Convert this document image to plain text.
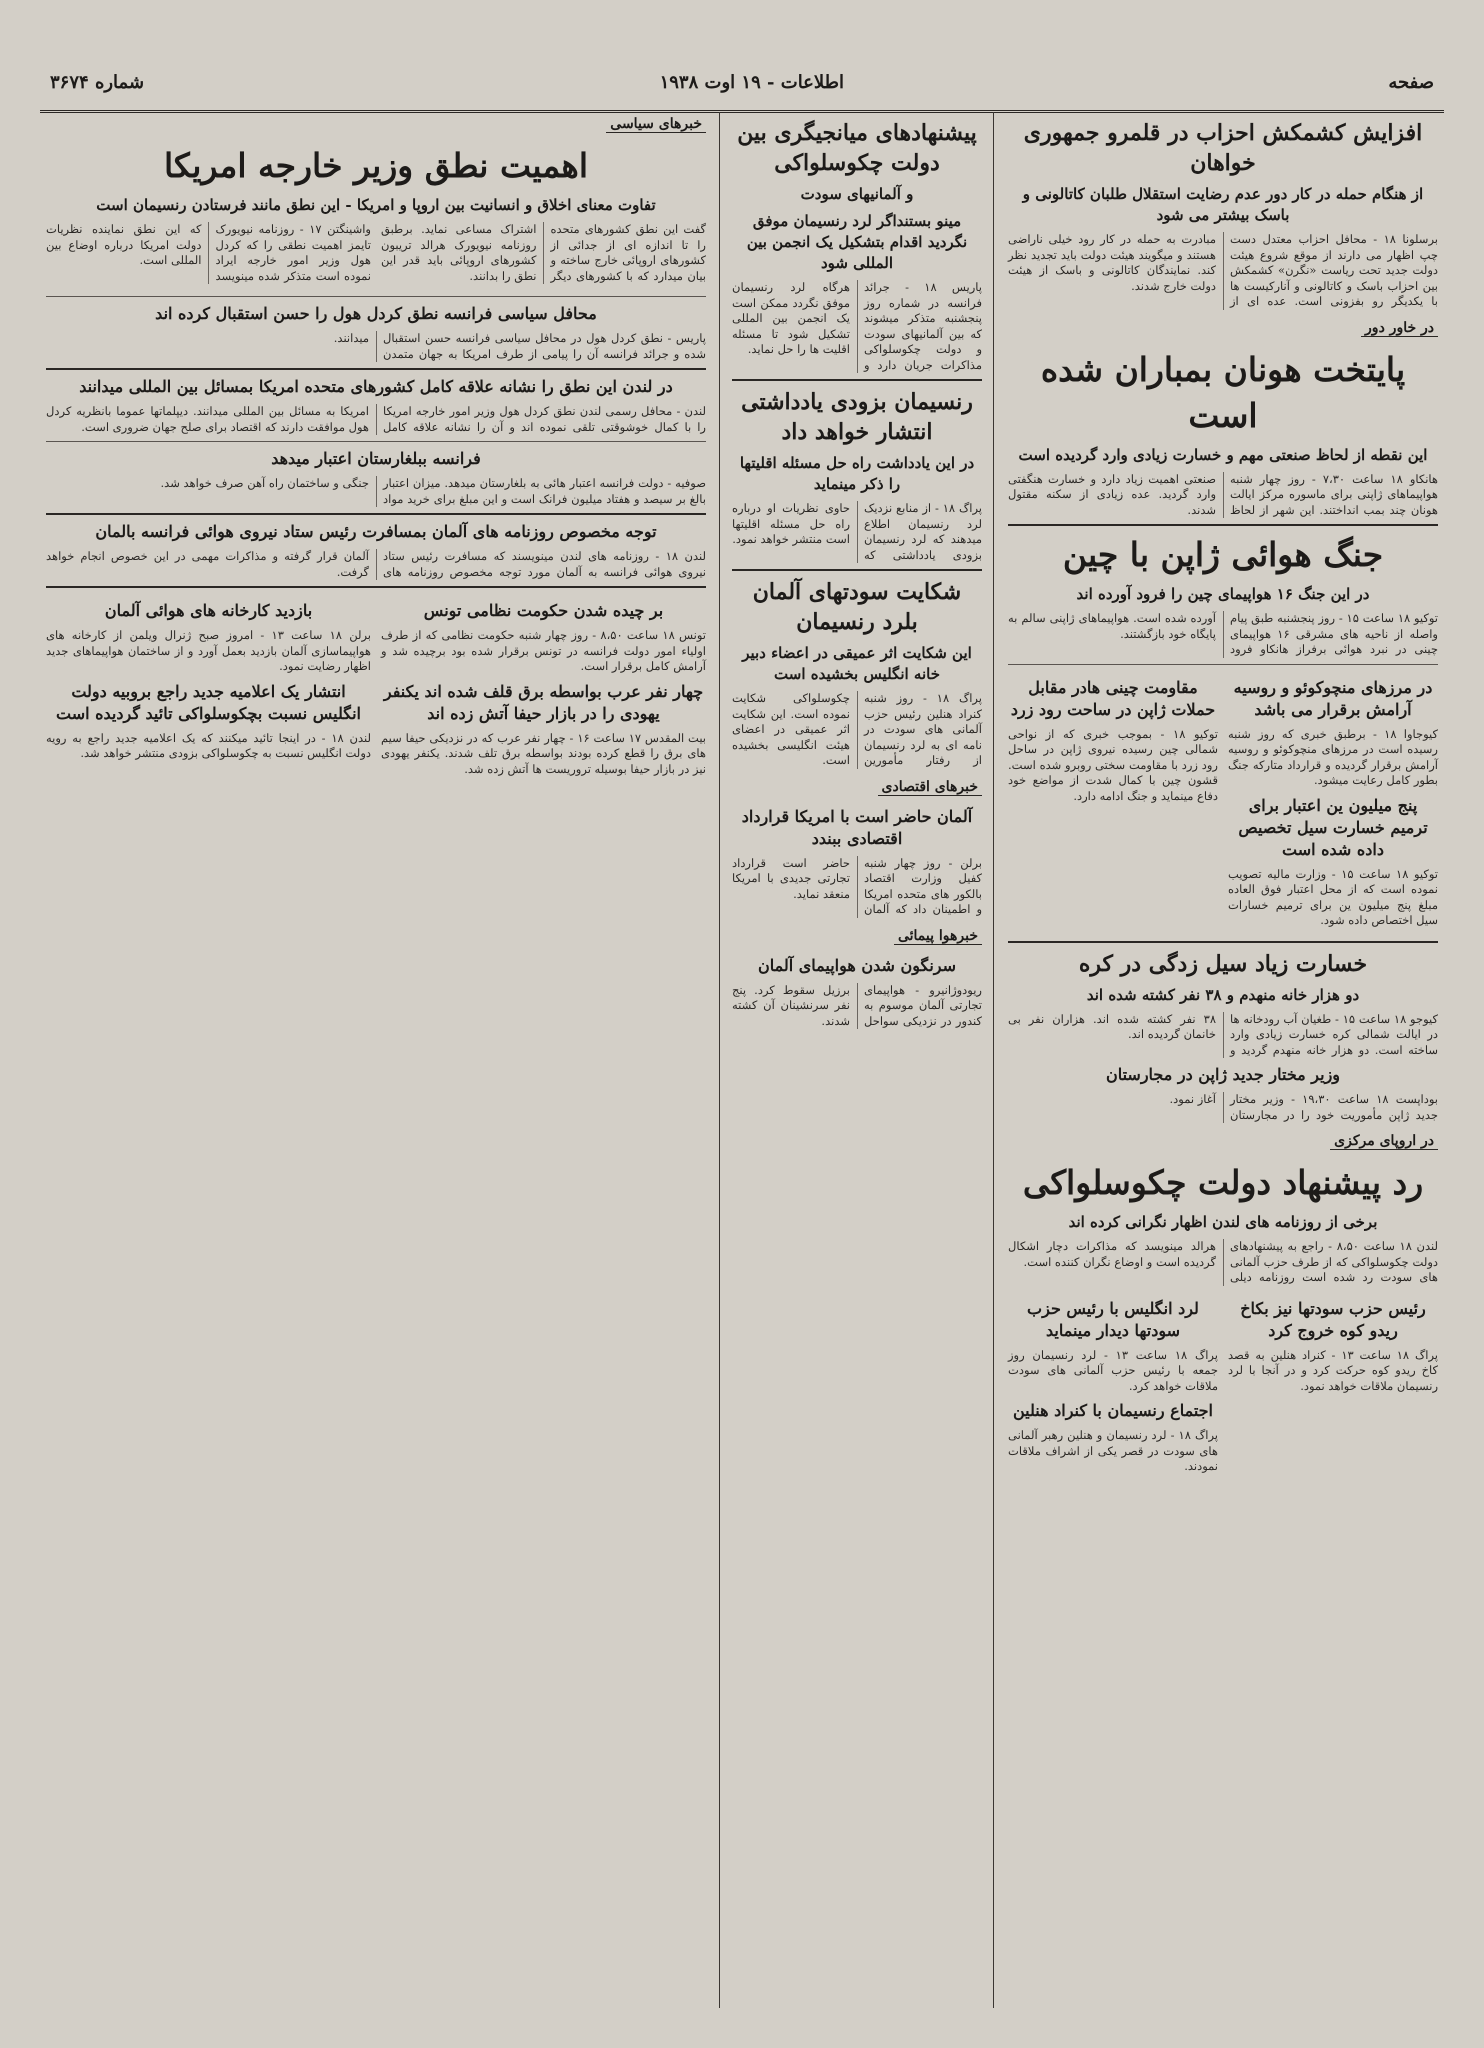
صفحه
اطلاعات - ۱۹ اوت ۱۹۳۸
شماره ۳۶۷۴
افزایش کشمکش احزاب در قلمرو جمهوری خواهان
از هنگام حمله در کار دور عدم رضایت استقلال طلبان کاتالونی و باسک بیشتر می شود
برسلونا ۱۸ - محافل احزاب معتدل دست چپ اظهار می دارند از موقع شروع هیئت دولت جدید تحت ریاست «نگرن» کشمکش بین احزاب باسک و کاتالونی و آنارکیست ها با یکدیگر رو بفزونی است. عده ای از مبادرت به حمله در کار رود خیلی ناراضی هستند و میگویند هیئت دولت باید تجدید نظر کند. نمایندگان کاتالونی و باسک از هیئت دولت خارج شدند.
در خاور دور
پایتخت هونان بمباران شده است
این نقطه از لحاظ صنعتی مهم و خسارت زیادی وارد گردیده است
هانکاو ۱۸ ساعت ۷،۳۰ - روز چهار شنبه هواپیماهای ژاپنی برای ماسوره مرکز ایالت هونان چند بمب انداختند. این شهر از لحاظ صنعتی اهمیت زیاد دارد و خسارت هنگفتی وارد گردید. عده زیادی از سکنه مقتول شدند.
جنگ هوائی ژاپن با چین
در این جنگ ۱۶ هواپیمای چین را فرود آورده اند
توکیو ۱۸ ساعت ۱۵ - روز پنجشنبه طبق پیام واصله از ناحیه های مشرقی ۱۶ هواپیمای چینی در نبرد هوائی برفراز هانکاو فرود آورده شده است. هواپیماهای ژاپنی سالم به پایگاه خود بازگشتند.
در مرزهای منچوکوئو و روسیه آرامش برقرار می باشد
کیوجاوا ۱۸ - برطبق خبری که روز شنبه رسیده است در مرزهای منچوکوئو و روسیه آرامش برقرار گردیده و قرارداد متارکه جنگ بطور کامل رعایت میشود.
پنج میلیون ین اعتبار برای ترمیم خسارت سیل تخصیص داده شده است
توکیو ۱۸ ساعت ۱۵ - وزارت مالیه تصویب نموده است که از محل اعتبار فوق العاده مبلغ پنج میلیون ین برای ترمیم خسارات سیل اختصاص داده شود.
مقاومت چینی هادر مقابل حملات ژاپن در ساحت رود زرد
توکیو ۱۸ - بموجب خبری که از نواحی شمالی چین رسیده نیروی ژاپن در ساحل رود زرد با مقاومت سختی روبرو شده است. قشون چین با کمال شدت از مواضع خود دفاع مینماید و جنگ ادامه دارد.
خسارت زیاد سیل زدگی در کره
دو هزار خانه منهدم و ۳۸ نفر کشته شده اند
کیوجو ۱۸ ساعت ۱۵ - طغیان آب رودخانه ها در ایالت شمالی کره خسارت زیادی وارد ساخته است. دو هزار خانه منهدم گردید و ۳۸ نفر کشته شده اند. هزاران نفر بی خانمان گردیده اند.
وزیر مختار جدید ژاپن در مجارستان
بوداپست ۱۸ ساعت ۱۹،۳۰ - وزیر مختار جدید ژاپن مأموریت خود را در مجارستان آغاز نمود.
در اروپای مرکزی
رد پیشنهاد دولت چکوسلواکی
برخی از روزنامه های لندن اظهار نگرانی کرده اند
لندن ۱۸ ساعت ۸،۵۰ - راجع به پیشنهادهای دولت چکوسلواکی که از طرف حزب آلمانی های سودت رد شده است روزنامه دیلی هرالد مینویسد که مذاکرات دچار اشکال گردیده است و اوضاع نگران کننده است.
رئیس حزب سودتها نیز بکاخ ریدو کوه خروج کرد
پراگ ۱۸ ساعت ۱۳ - کنراد هنلین به قصد کاخ ریدو کوه حرکت کرد و در آنجا با لرد رنسیمان ملاقات خواهد نمود.
لرد انگلیس با رئیس حزب سودتها دیدار مینماید
پراگ ۱۸ ساعت ۱۳ - لرد رنسیمان روز جمعه با رئیس حزب آلمانی های سودت ملاقات خواهد کرد.
اجتماع رنسیمان با کنراد هنلین
پراگ ۱۸ - لرد رنسیمان و هنلین رهبر آلمانی های سودت در قصر یکی از اشراف ملاقات نمودند.
پیشنهادهای میانجیگری بین دولت چکوسلواکی
و آلمانیهای سودت
مینو بستنداگر لرد رنسیمان موفق نگردید اقدام بتشکیل یک انجمن بین المللی شود
پاریس ۱۸ - جرائد فرانسه در شماره روز پنجشنبه متذکر میشوند که بین آلمانیهای سودت و دولت چکوسلواکی مذاکرات جریان دارد و هرگاه لرد رنسیمان موفق نگردد ممکن است یک انجمن بین المللی تشکیل شود تا مسئله اقلیت ها را حل نماید.
رنسیمان بزودی یادداشتی انتشار خواهد داد
در این یادداشت راه حل مسئله اقلیتها را ذکر مینماید
پراگ ۱۸ - از منابع نزدیک لرد رنسیمان اطلاع میدهند که لرد رنسیمان بزودی یادداشتی که حاوی نظریات او درباره راه حل مسئله اقلیتها است منتشر خواهد نمود.
شکایت سودتهای آلمان بلرد رنسیمان
این شکایت اثر عمیقی در اعضاء دبیر خانه انگلیس بخشیده است
پراگ ۱۸ - روز شنبه کنراد هنلین رئیس حزب آلمانی های سودت در نامه ای به لرد رنسیمان از رفتار مأمورین چکوسلواکی شکایت نموده است. این شکایت اثر عمیقی در اعضای هیئت انگلیسی بخشیده است.
خبرهای اقتصادی
آلمان حاضر است با امریکا قرارداد اقتصادی ببندد
برلن - روز چهار شنبه کفیل وزارت اقتصاد بالکور های متحده امریکا و اطمینان داد که آلمان حاضر است قرارداد تجارتی جدیدی با امریکا منعقد نماید.
خبرهوا پیمائی
سرنگون شدن هواپیمای آلمان
ریودوژانیرو - هواپیمای تجارتی آلمان موسوم به کندور در نزدیکی سواحل برزیل سقوط کرد. پنج نفر سرنشینان آن کشته شدند.
خبرهای سیاسی
اهمیت نطق وزیر خارجه امریکا
تفاوت معنای اخلاق و انسانیت بین اروپا و امریکا - این نطق مانند فرستادن رنسیمان است
گفت این نطق کشورهای متحده را تا اندازه ای از جدائی از کشورهای اروپائی خارج ساخته و بیان میدارد که با کشورهای دیگر اشتراک مساعی نماید. برطبق روزنامه نیویورک هرالد تریبون کشورهای اروپائی باید قدر این نطق را بدانند.
واشینگتن ۱۷ - روزنامه نیویورک تایمز اهمیت نطقی را که کردل هول وزیر امور خارجه ایراد نموده است متذکر شده مینویسد که این نطق نماینده نظریات دولت امریکا درباره اوضاع بین المللی است.
محافل سیاسی فرانسه نطق کردل هول را حسن استقبال کرده اند
پاریس - نطق کردل هول در محافل سیاسی فرانسه حسن استقبال شده و جرائد فرانسه آن را پیامی از طرف امریکا به جهان متمدن میدانند.
در لندن این نطق را نشانه علاقه کامل کشورهای متحده امریکا بمسائل بین المللی میدانند
لندن - محافل رسمی لندن نطق کردل هول وزیر امور خارجه امریکا را با کمال خوشوقتی تلقی نموده اند و آن را نشانه علاقه کامل امریکا به مسائل بین المللی میدانند. دیپلماتها عموما بانظریه کردل هول موافقت دارند که اقتصاد برای صلح جهان ضروری است.
فرانسه ببلغارستان اعتبار میدهد
صوفیه - دولت فرانسه اعتبار هائی به بلغارستان میدهد. میزان اعتبار بالغ بر سیصد و هفتاد میلیون فرانک است و این مبلغ برای خرید مواد جنگی و ساختمان راه آهن صرف خواهد شد.
توجه مخصوص روزنامه های آلمان بمسافرت رئیس ستاد نیروی هوائی فرانسه بالمان
لندن ۱۸ - روزنامه های لندن مینویسند که مسافرت رئیس ستاد نیروی هوائی فرانسه به آلمان مورد توجه مخصوص روزنامه های آلمان قرار گرفته و مذاکرات مهمی در این خصوص انجام خواهد گرفت.
بر چیده شدن حکومت نظامی تونس
تونس ۱۸ ساعت ۸،۵۰ - روز چهار شنبه حکومت نظامی که از طرف اولیاء امور دولت فرانسه در تونس برقرار شده بود برچیده شد و آرامش کامل برقرار است.
چهار نفر عرب بواسطه برق قلف شده اند یکنفر یهودی را در بازار حیفا آتش زده اند
بیت المقدس ۱۷ ساعت ۱۶ - چهار نفر عرب که در نزدیکی حیفا سیم های برق را قطع کرده بودند بواسطه برق تلف شدند. یکنفر یهودی نیز در بازار حیفا بوسیله تروریست ها آتش زده شد.
بازدید کارخانه های هوائی آلمان
برلن ۱۸ ساعت ۱۳ - امروز صبح ژنرال ویلمن از کارخانه های هواپیماسازی آلمان بازدید بعمل آورد و از ساختمان هواپیماهای جدید اظهار رضایت نمود.
انتشار یک اعلامیه جدید راجع بروبیه دولت انگلیس نسبت بچکوسلواکی تائید گردیده است
لندن ۱۸ - در اینجا تائید میکنند که یک اعلامیه جدید راجع به رویه دولت انگلیس نسبت به چکوسلواکی بزودی منتشر خواهد شد.
